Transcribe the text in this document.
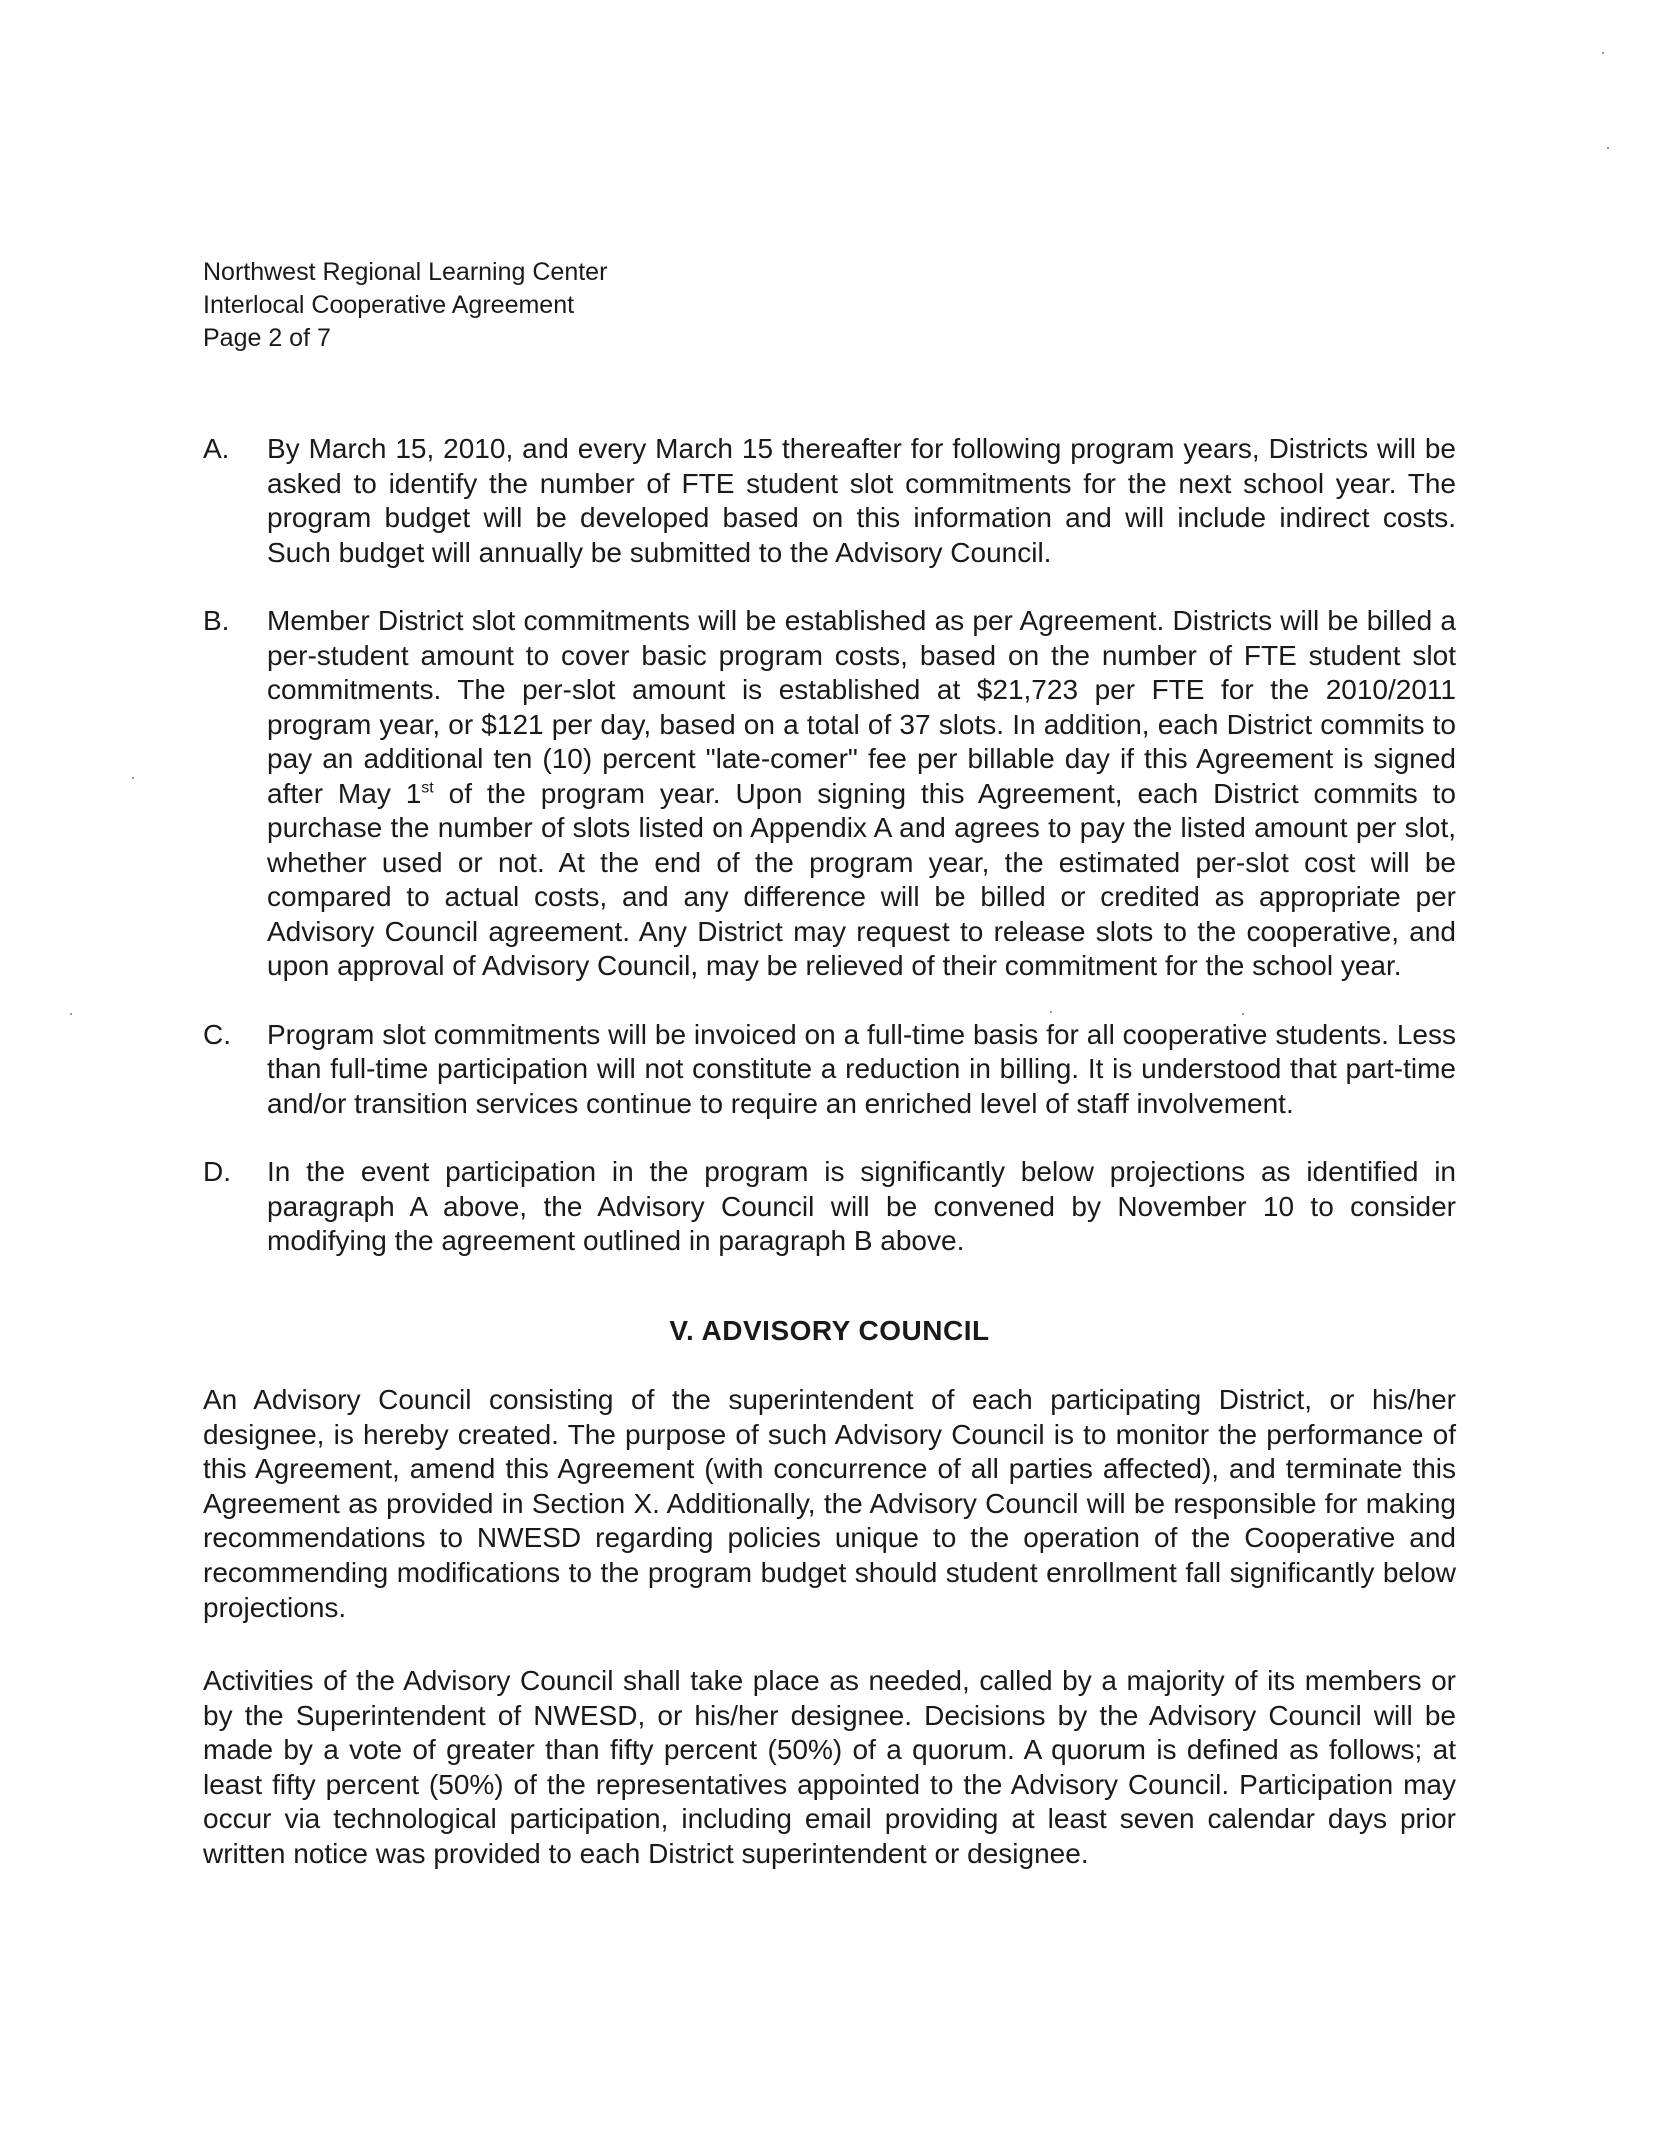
Northwest Regional Learning Center
Interlocal Cooperative Agreement
Page 2 of 7
A. By March 15, 2010, and every March 15 thereafter for following program years, Districts will be asked to identify the number of FTE student slot commitments for the next school year. The program budget will be developed based on this information and will include indirect costs. Such budget will annually be submitted to the Advisory Council.
B. Member District slot commitments will be established as per Agreement. Districts will be billed a per-student amount to cover basic program costs, based on the number of FTE student slot commitments. The per-slot amount is established at $21,723 per FTE for the 2010/2011 program year, or $121 per day, based on a total of 37 slots. In addition, each District commits to pay an additional ten (10) percent "late-comer" fee per billable day if this Agreement is signed after May 1st of the program year. Upon signing this Agreement, each District commits to purchase the number of slots listed on Appendix A and agrees to pay the listed amount per slot, whether used or not. At the end of the program year, the estimated per-slot cost will be compared to actual costs, and any difference will be billed or credited as appropriate per Advisory Council agreement. Any District may request to release slots to the cooperative, and upon approval of Advisory Council, may be relieved of their commitment for the school year.
C. Program slot commitments will be invoiced on a full-time basis for all cooperative students. Less than full-time participation will not constitute a reduction in billing. It is understood that part-time and/or transition services continue to require an enriched level of staff involvement.
D. In the event participation in the program is significantly below projections as identified in paragraph A above, the Advisory Council will be convened by November 10 to consider modifying the agreement outlined in paragraph B above.
V. ADVISORY COUNCIL
An Advisory Council consisting of the superintendent of each participating District, or his/her designee, is hereby created. The purpose of such Advisory Council is to monitor the performance of this Agreement, amend this Agreement (with concurrence of all parties affected), and terminate this Agreement as provided in Section X. Additionally, the Advisory Council will be responsible for making recommendations to NWESD regarding policies unique to the operation of the Cooperative and recommending modifications to the program budget should student enrollment fall significantly below projections.
Activities of the Advisory Council shall take place as needed, called by a majority of its members or by the Superintendent of NWESD, or his/her designee. Decisions by the Advisory Council will be made by a vote of greater than fifty percent (50%) of a quorum. A quorum is defined as follows; at least fifty percent (50%) of the representatives appointed to the Advisory Council. Participation may occur via technological participation, including email providing at least seven calendar days prior written notice was provided to each District superintendent or designee.
